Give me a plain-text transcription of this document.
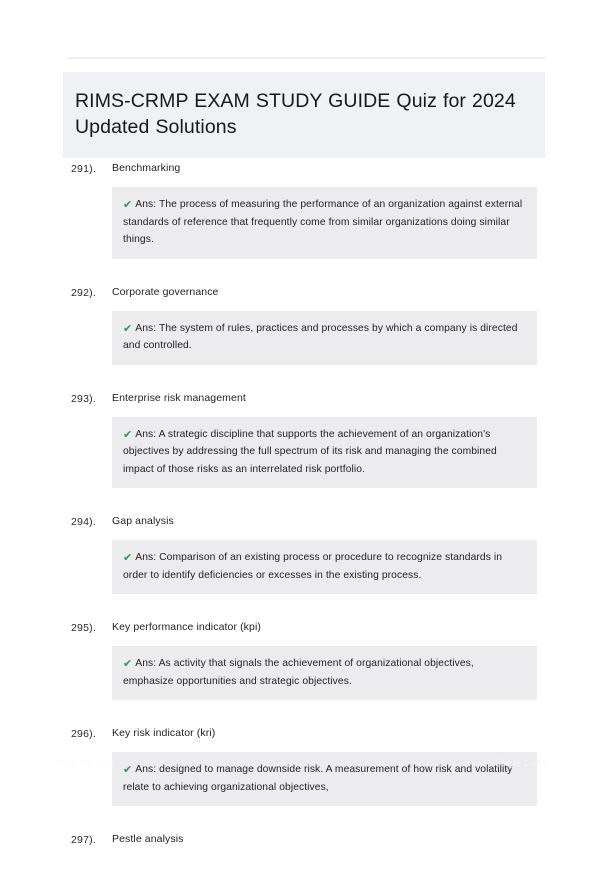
RIMS-CRMP EXAM STUDY GUIDE Quiz for 2024 Updated Solutions
291).	Benchmarking

✔ Ans: The process of measuring the performance of an organization against external standards of reference that frequently come from similar organizations doing similar things.

292).	Corporate governance

✔ Ans: The system of rules, practices and processes by which a company is directed and controlled.

293).	Enterprise risk management

✔ Ans: A strategic discipline that supports the achievement of an organization's objectives by addressing the full spectrum of its risk and managing the combined impact of those risks as an interrelated risk portfolio.

294).	Gap analysis

✔ Ans: Comparison of an existing process or procedure to recognize standards in order to identify deficiencies or excesses in the existing process.

295).	Key performance indicator (kpi)

✔ Ans: As activity that signals the achievement of organizational objectives, emphasize opportunities and strategic objectives.

296).	Key risk indicator (kri)

✔ Ans: designed to manage downside risk. A measurement of how risk and volatility relate to achieving organizational objectives,

297).	Pestle analysis
PaperStic.com	Page 1 of 5
